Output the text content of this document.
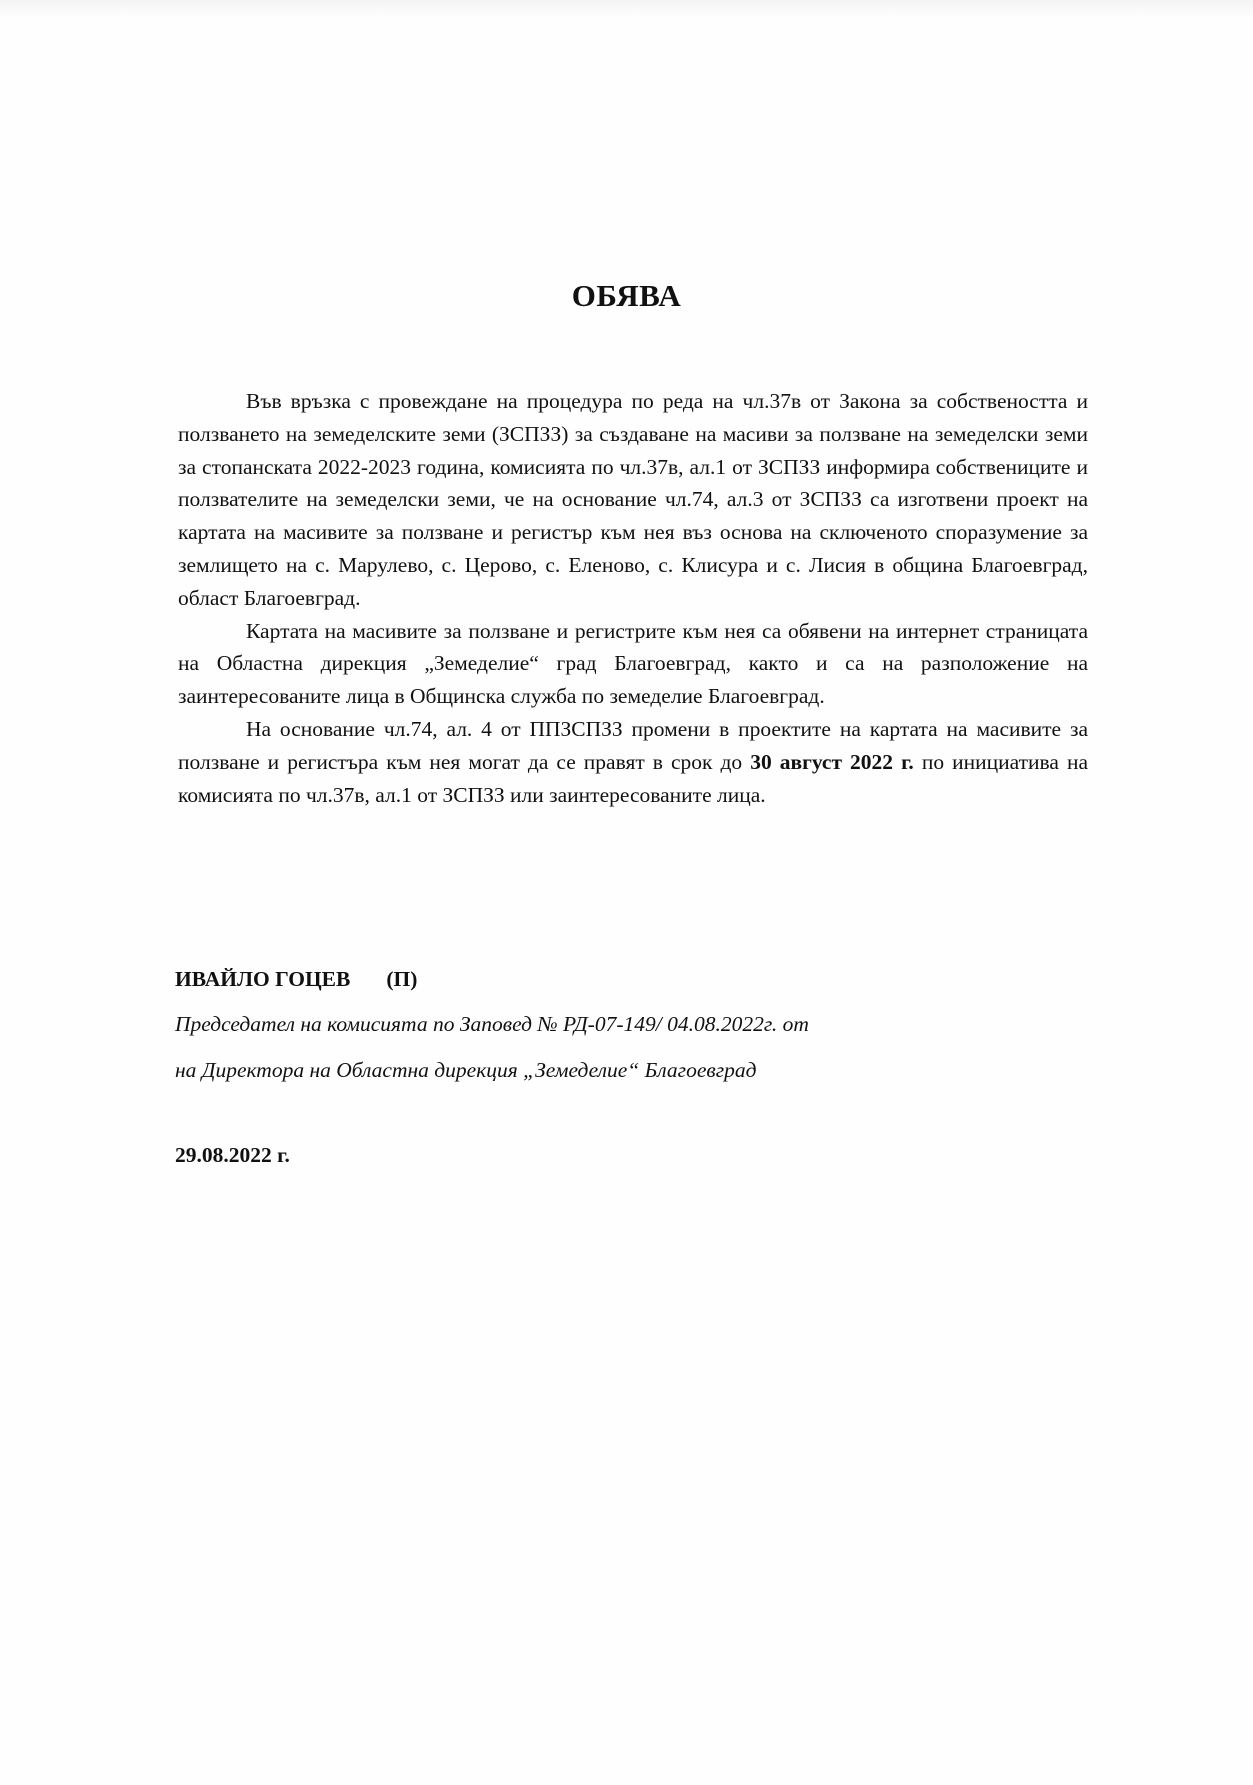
ОБЯВА

Във връзка с провеждане на процедура по реда на чл.37в от Закона за собствеността и ползването на земеделските земи (ЗСПЗЗ) за създаване на масиви за ползване на земеделски земи за стопанската 2022-2023 година, комисията по чл.37в, ал.1 от ЗСПЗЗ информира собствениците и ползвателите на земеделски земи, че на основание чл.74, ал.3 от ЗСПЗЗ са изготвени проект на картата на масивите за ползване и регистър към нея въз основа на сключеното споразумение за землището на с. Марулево, с. Церово, с. Еленово, с. Клисура и с. Лисия в община Благоевград, област Благоевград.

Картата на масивите за ползване и регистрите към нея са обявени на интернет страницата на Областна дирекция „Земеделие“ град Благоевград, както и са на разположение на заинтересованите лица в Общинска служба по земеделие Благоевград.

На основание чл.74, ал. 4 от ППЗСПЗЗ промени в проектите на картата на масивите за ползване и регистъра към нея могат да се правят в срок до 30 август 2022 г. по инициатива на комисията по чл.37в, ал.1 от ЗСПЗЗ или заинтересованите лица.

ИВАЙЛО ГОЦЕВ (П)
Председател на комисията по Заповед № РД-07-149/ 04.08.2022г. от
на Директора на Областна дирекция „Земеделие“ Благоевград
29.08.2022 г.
